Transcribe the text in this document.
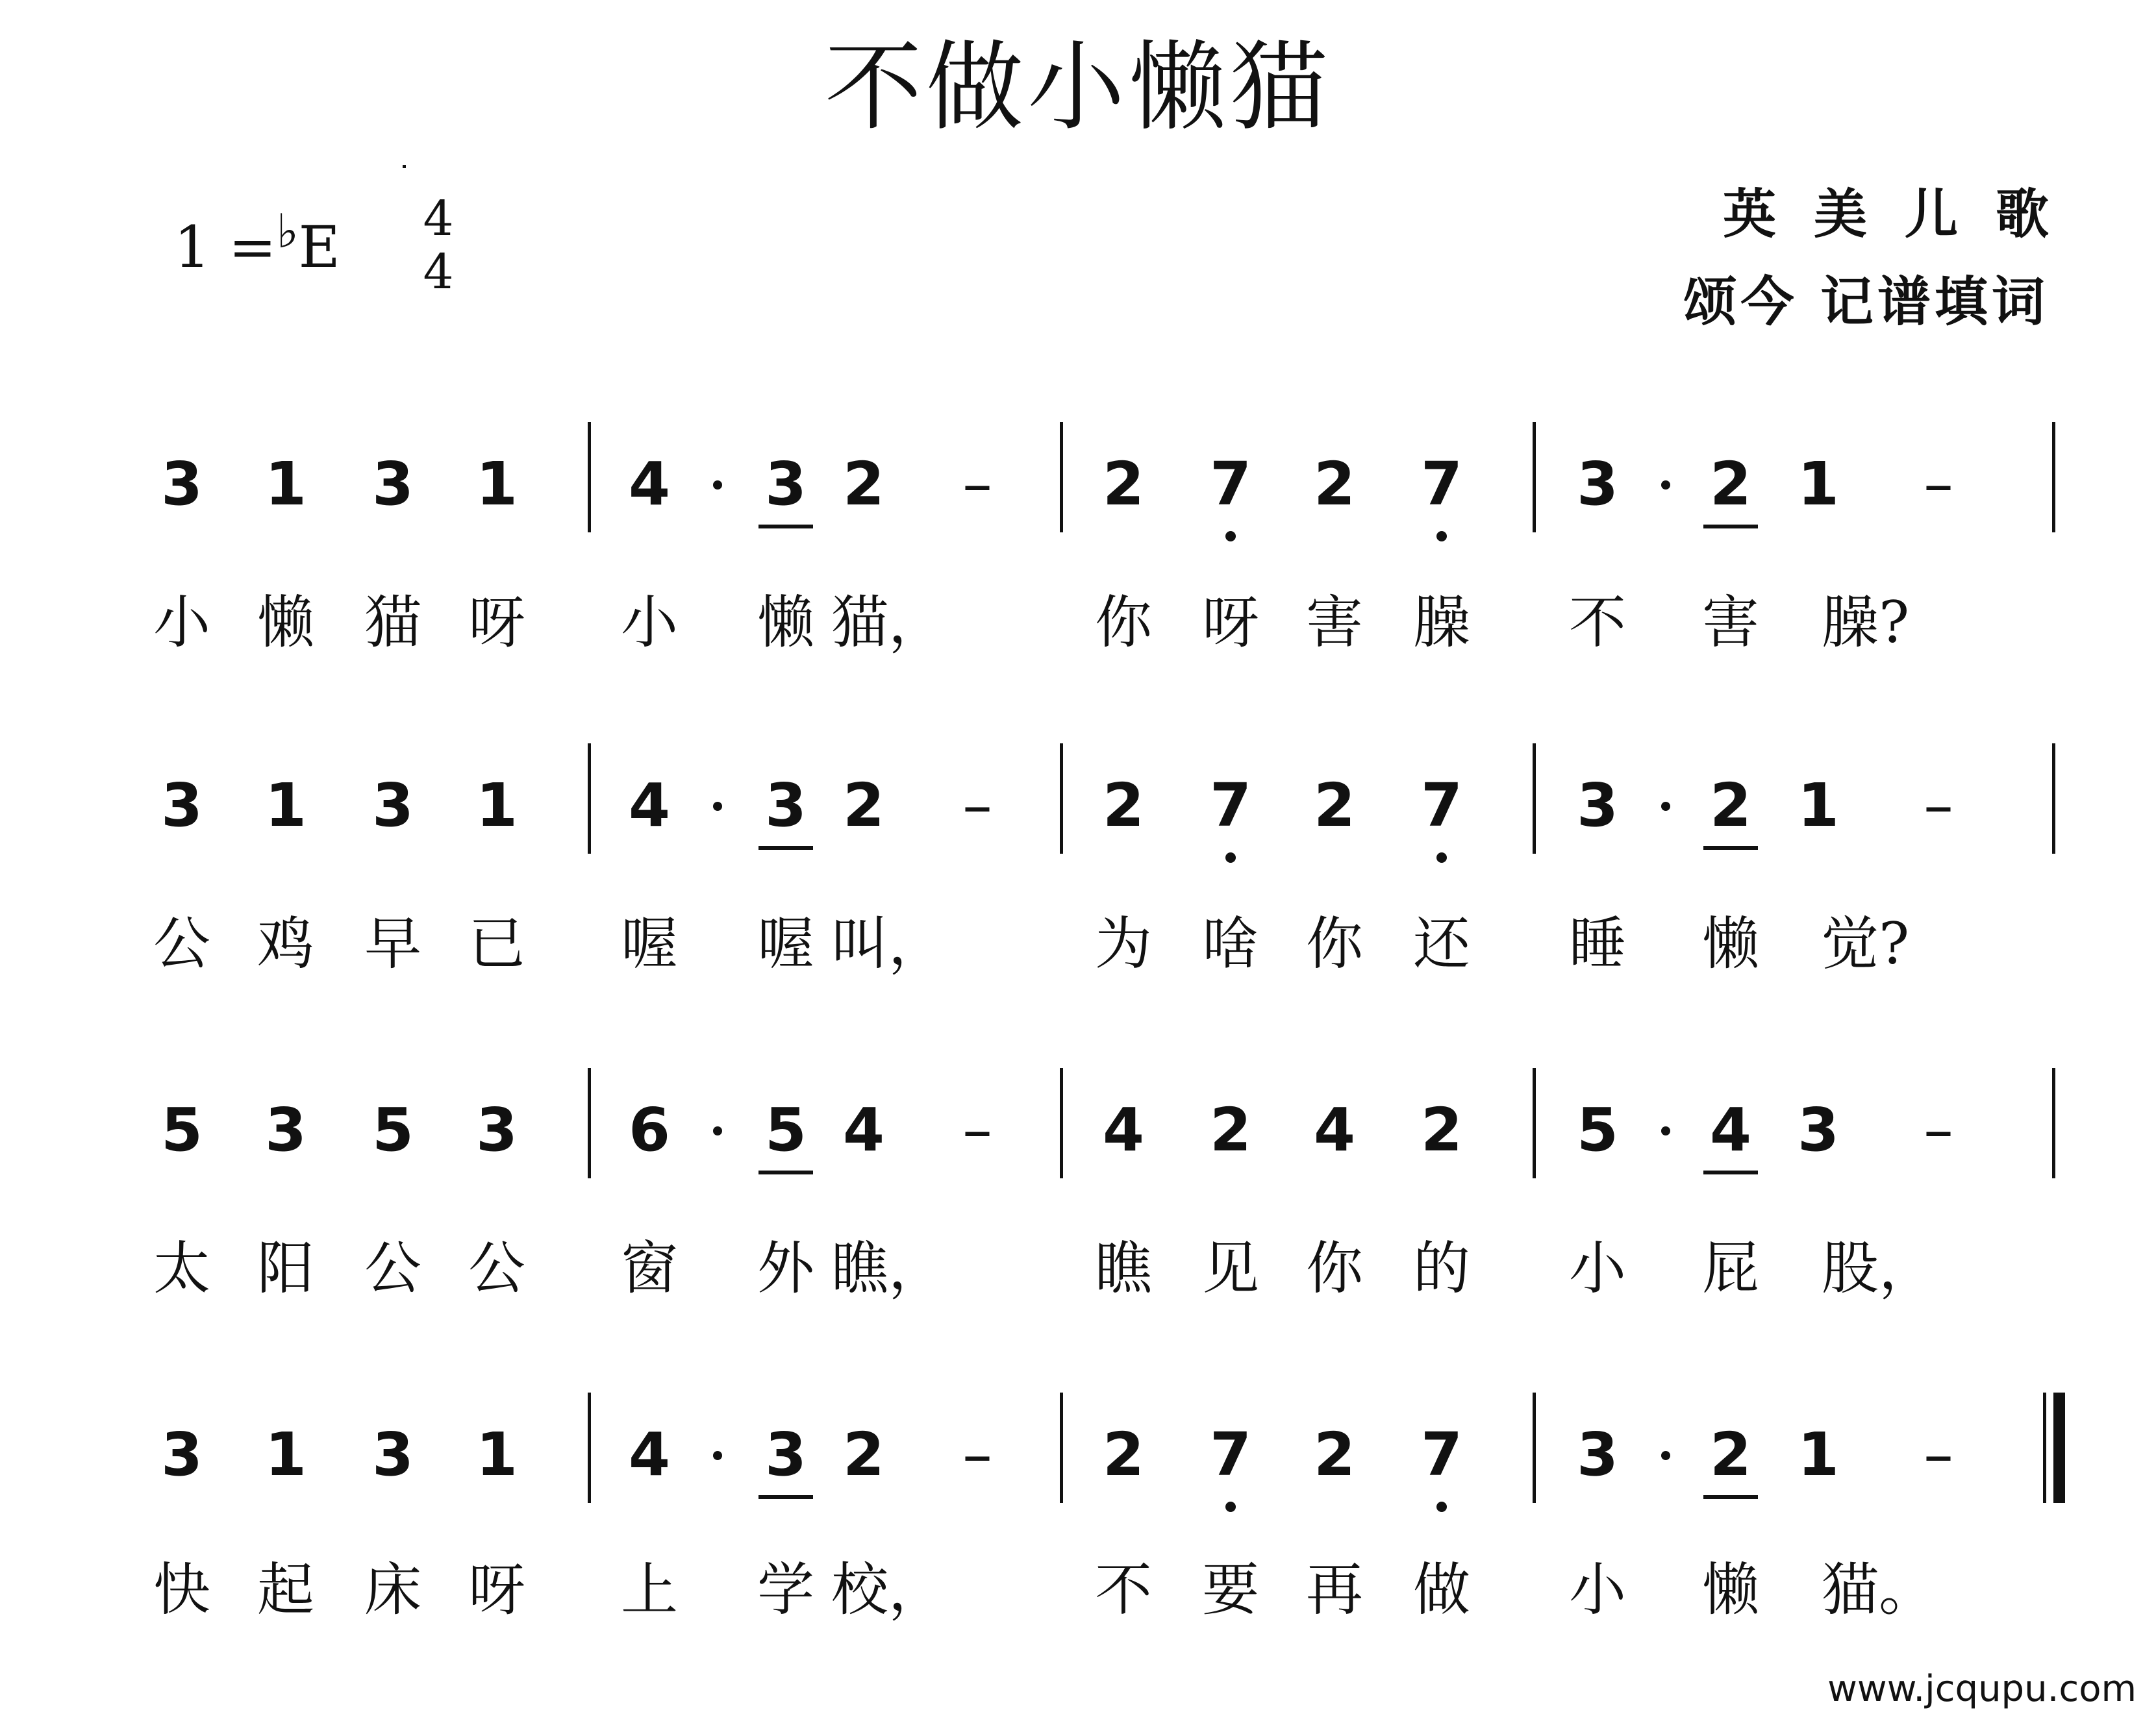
不做小懒猫
1 =♭E	4
4
英美儿歌
颂今 记谱填词
3 1 3 1 4 3 2 – 2 7 2 7 3 2 1 –
小 懒 猫 呀 小 懒 猫，	你 呀 害 臊 不 害 臊?
3 1 3 1 4 3 2 – 2 7 2 7 3 2 1 –
公 鸡 早 已 喔 喔 叫，	为 啥 你 还 睡 懒 觉?
5 3 5 3 6 5 4 – 4 2 4 2 5 4 3 –
太 阳 公 公 窗 外 瞧，	瞧 见 你 的 小 屁 股，
3 1 3 1 4 3 2 – 2 7 2 7 3 2 1 –
快 起 床 呀 上 学 校，	不 要 再 做 小 懒 猫。
www.jcqupu.com
